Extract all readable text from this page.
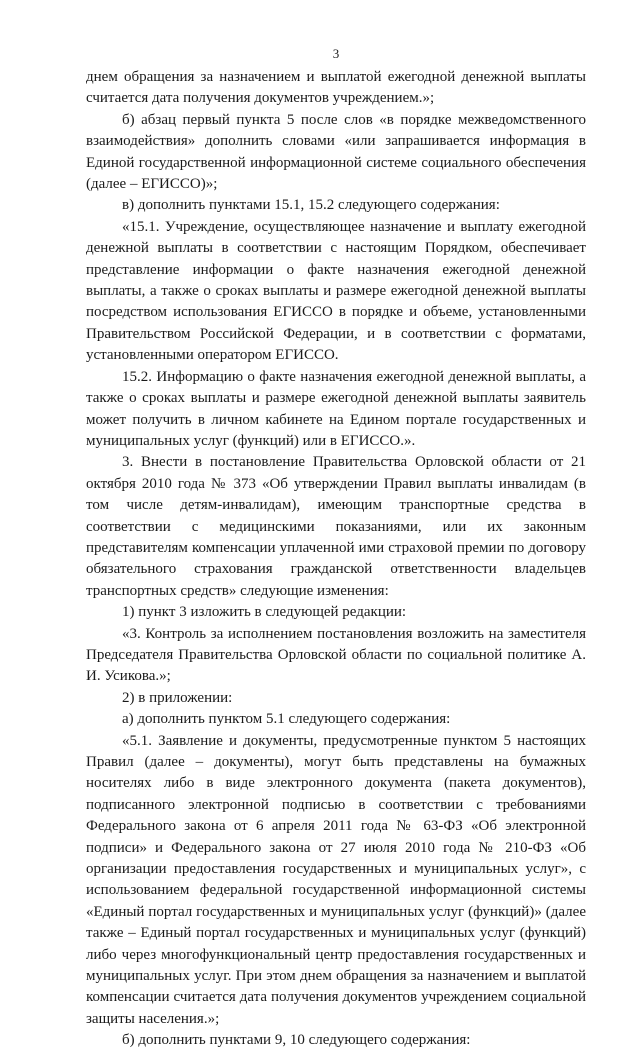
3

днем обращения за назначением и выплатой ежегодной денежной выплаты считается дата получения документов учреждением.»;

б) абзац первый пункта 5 после слов «в порядке межведомственного взаимодействия» дополнить словами «или запрашивается информация в Единой государственной информационной системе социального обеспечения (далее – ЕГИССО)»;

в) дополнить пунктами 15.1, 15.2 следующего содержания:

«15.1. Учреждение, осуществляющее назначение и выплату ежегодной денежной выплаты в соответствии с настоящим Порядком, обеспечивает представление информации о факте назначения ежегодной денежной выплаты, а также о сроках выплаты и размере ежегодной денежной выплаты посредством использования ЕГИССО в порядке и объеме, установленными Правительством Российской Федерации, и в соответствии с форматами, установленными оператором ЕГИССО.

15.2. Информацию о факте назначения ежегодной денежной выплаты, а также о сроках выплаты и размере ежегодной денежной выплаты заявитель может получить в личном кабинете на Едином портале государственных и муниципальных услуг (функций) или в ЕГИССО.».

3. Внести в постановление Правительства Орловской области от 21 октября 2010 года № 373 «Об утверждении Правил выплаты инвалидам (в том числе детям-инвалидам), имеющим транспортные средства в соответствии с медицинскими показаниями, или их законным представителям компенсации уплаченной ими страховой премии по договору обязательного страхования гражданской ответственности владельцев транспортных средств» следующие изменения:

1) пункт 3 изложить в следующей редакции:

«3. Контроль за исполнением постановления возложить на заместителя Председателя Правительства Орловской области по социальной политике А. И. Усикова.»;

2) в приложении:

а) дополнить пунктом 5.1 следующего содержания:

«5.1. Заявление и документы, предусмотренные пунктом 5 настоящих Правил (далее – документы), могут быть представлены на бумажных носителях либо в виде электронного документа (пакета документов), подписанного электронной подписью в соответствии с требованиями Федерального закона от 6 апреля 2011 года № 63-ФЗ «Об электронной подписи» и Федерального закона от 27 июля 2010 года № 210-ФЗ «Об организации предоставления государственных и муниципальных услуг», с использованием федеральной государственной информационной системы «Единый портал государственных и муниципальных услуг (функций)» (далее также – Единый портал государственных и муниципальных услуг (функций) либо через многофункциональный центр предоставления государственных и муниципальных услуг. При этом днем обращения за назначением и выплатой компенсации считается дата получения документов учреждением социальной защиты населения.»;

б) дополнить пунктами 9, 10 следующего содержания:
